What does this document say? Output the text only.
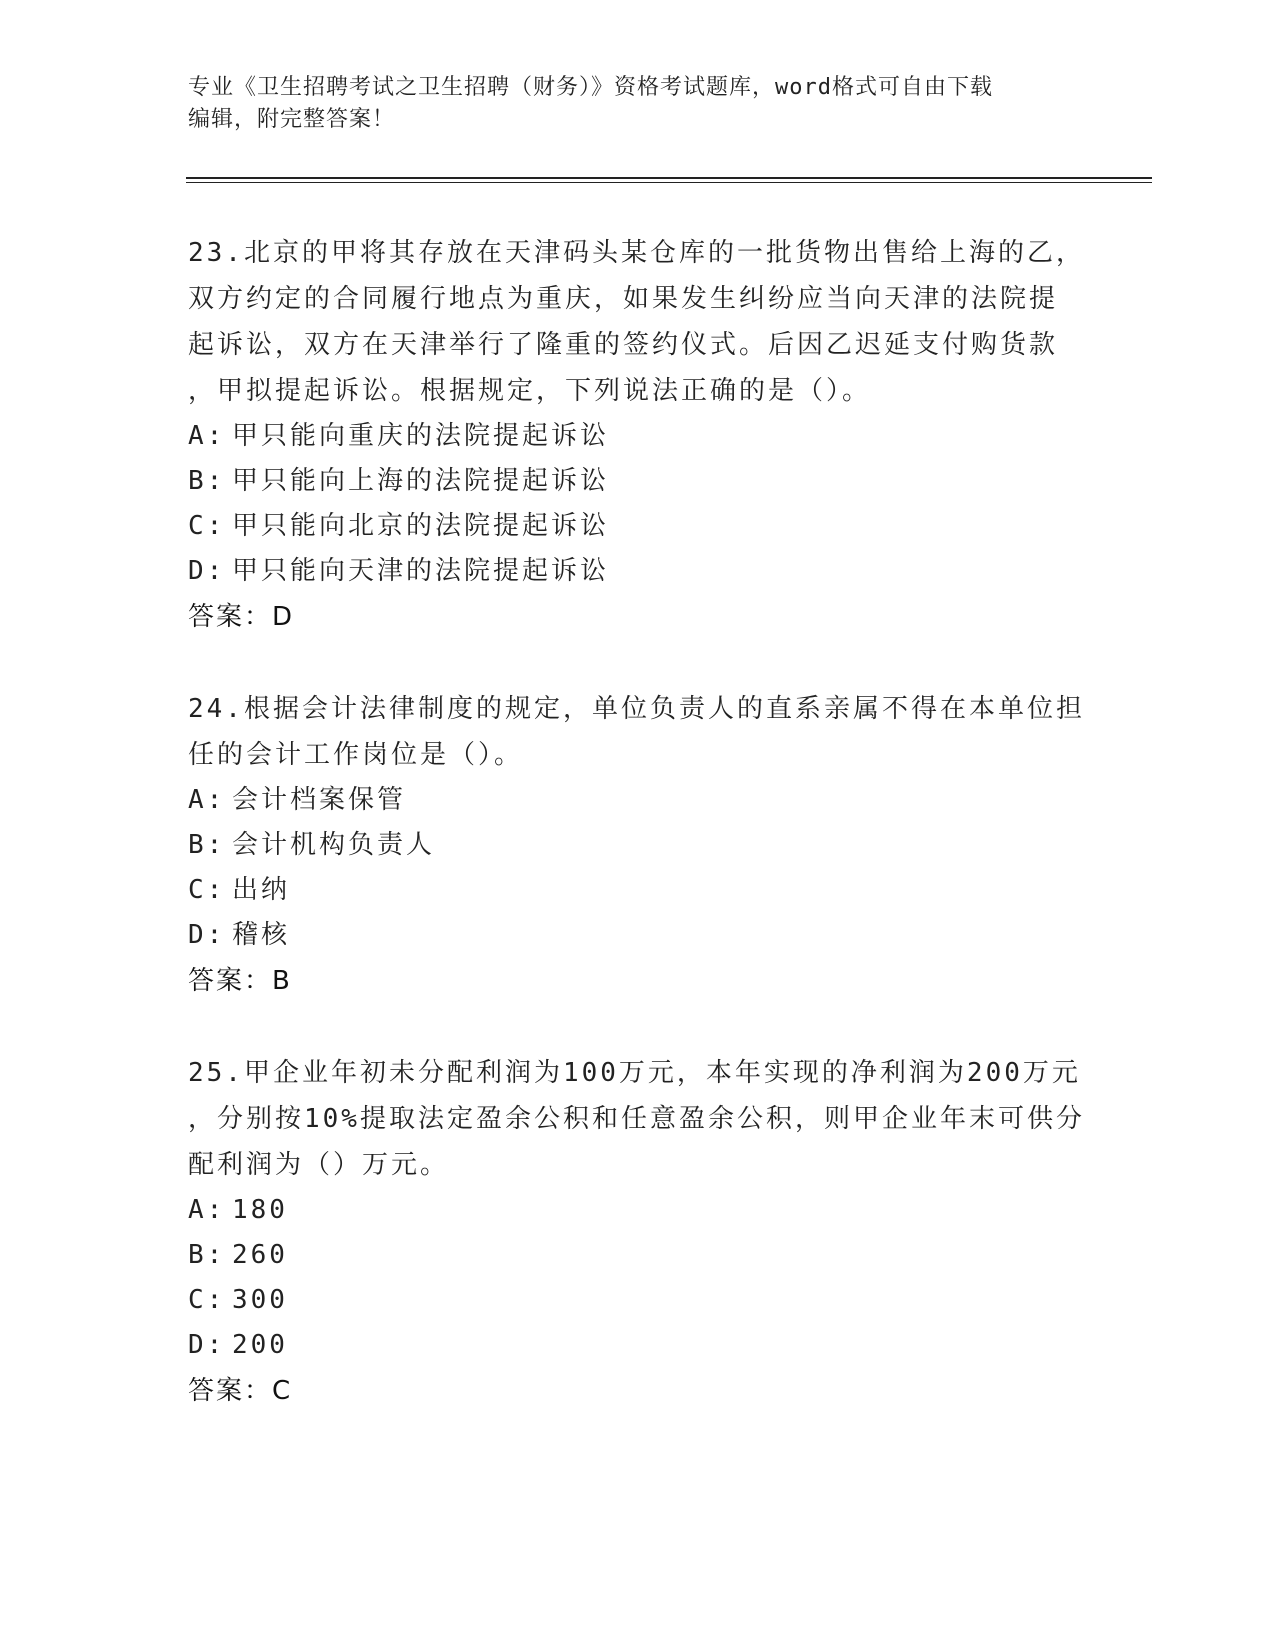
专业《卫生招聘考试之卫生招聘（财务）》资格考试题库，word格式可自由下载
编辑，附完整答案！
23.北京的甲将其存放在天津码头某仓库的一批货物出售给上海的乙，
双方约定的合同履行地点为重庆，如果发生纠纷应当向天津的法院提
起诉讼，双方在天津举行了隆重的签约仪式。后因乙迟延支付购货款
，甲拟提起诉讼。根据规定，下列说法正确的是（）。
A: 甲只能向重庆的法院提起诉讼
B: 甲只能向上海的法院提起诉讼
C: 甲只能向北京的法院提起诉讼
D: 甲只能向天津的法院提起诉讼
答案：D
24.根据会计法律制度的规定，单位负责人的直系亲属不得在本单位担
任的会计工作岗位是（）。
A: 会计档案保管
B: 会计机构负责人
C: 出纳
D: 稽核
答案：B
25.甲企业年初未分配利润为100万元，本年实现的净利润为200万元
，分别按10%提取法定盈余公积和任意盈余公积，则甲企业年末可供分
配利润为（）万元。
A: 180
B: 260
C: 300
D: 200
答案：C
